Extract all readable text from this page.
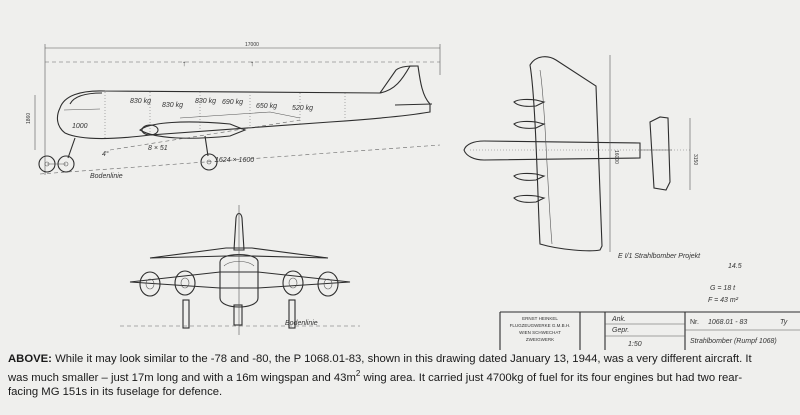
17000
↑	↑
1860
1000
830 kg
830 kg
830 kg 690 kg
650 kg 520 kg
8 × 51
1624 × 1600
4°
Bodenlinie
3150
16000
Bodenlinie
E I/1 Strahlbomber Projekt
14.5
G = 18 t
F = 43 m²
ERNST HEINKEL
FLUGZEUGWERKE G.M.B.H.
WIEN SCHWECHAT
ZWEIGWERK
Ank.
Gepr.
1:50
Nr. 1068.01 - 83	Ty
Strahlbomber (Rumpf 1068)

ABOVE: While it may look similar to the -78 and -80, the P 1068.01-83, shown in this drawing dated January 13, 1944, was a very different aircraft. It
was much smaller – just 17m long and with a 16m wingspan and $43m^2$ wing area. It carried just 4700kg of fuel for its four engines but had two rear-
facing MG 151s in its fuselage for defence.
